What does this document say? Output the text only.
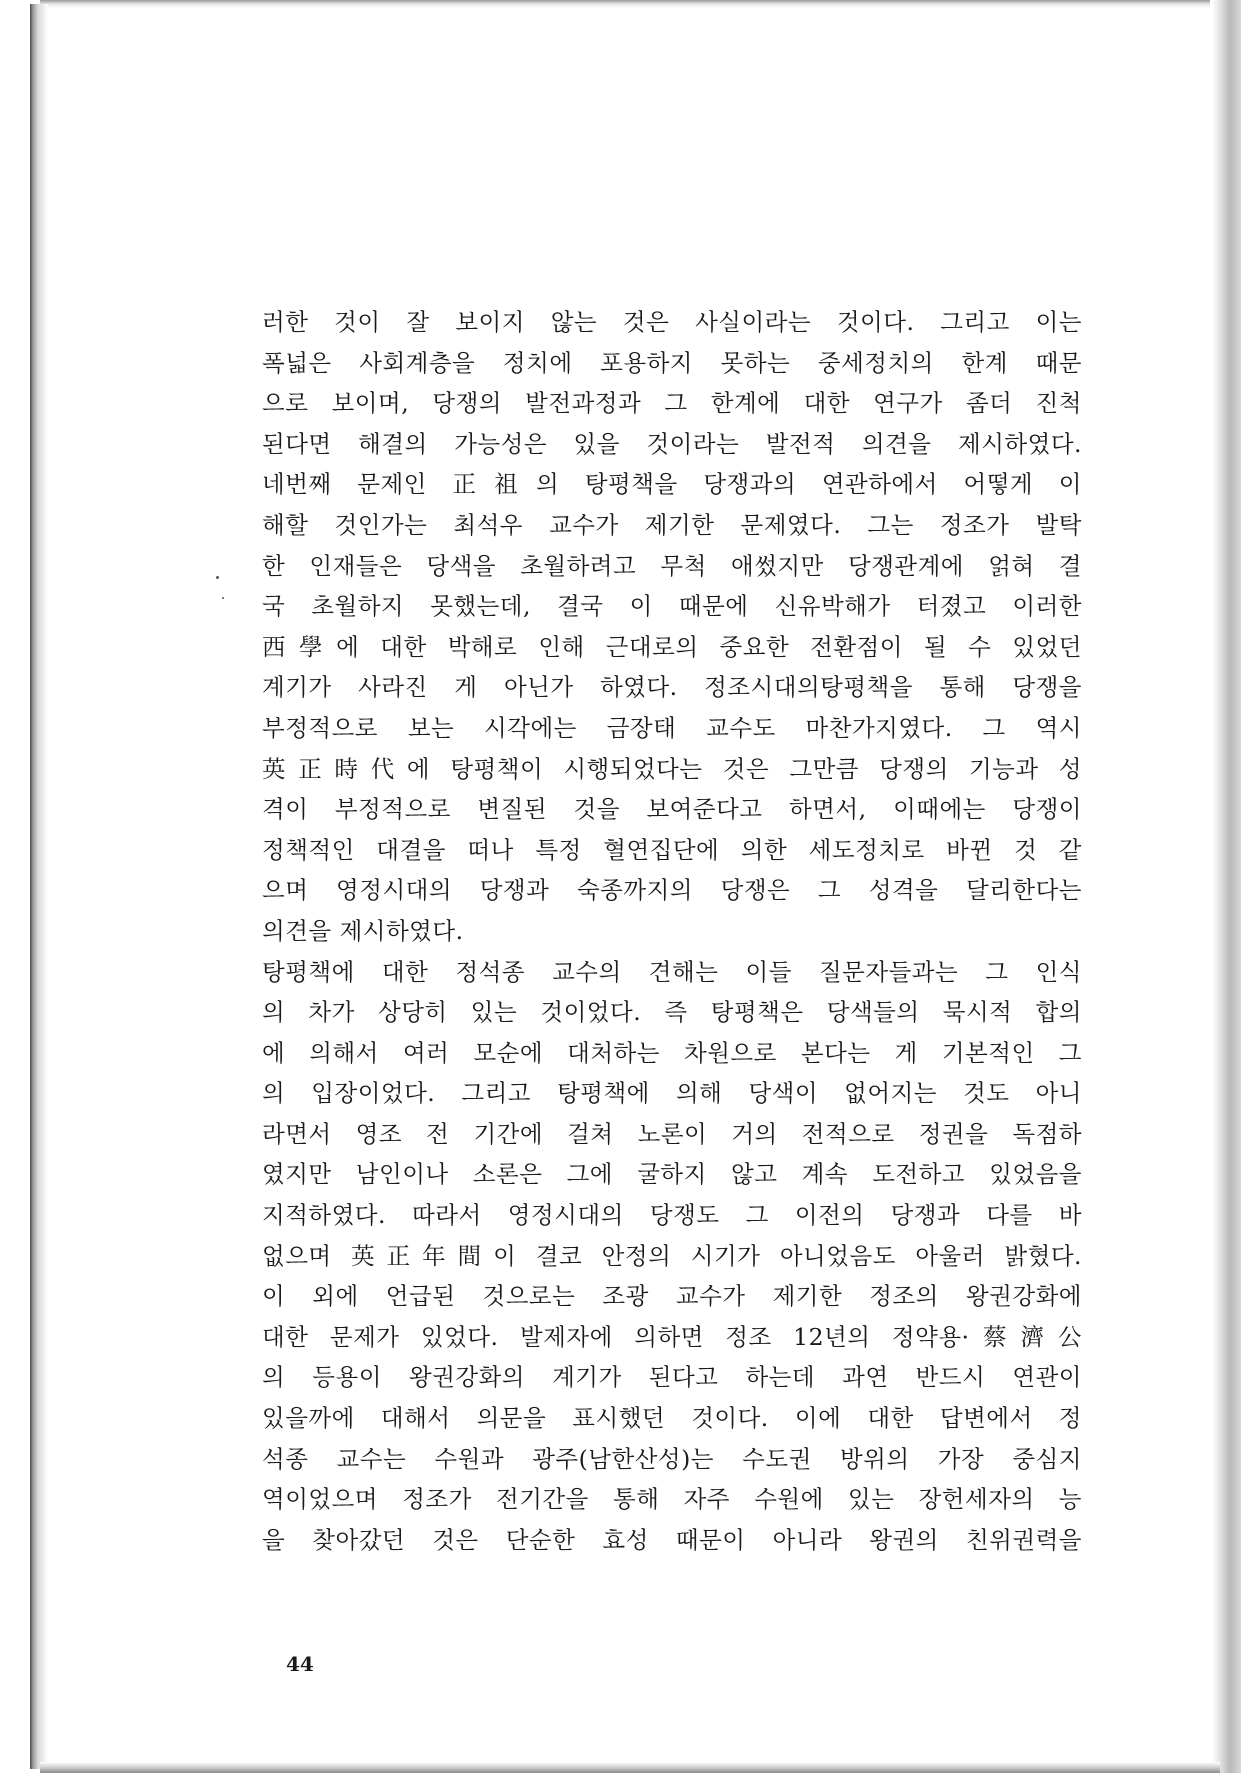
러한 것이 잘 보이지 않는 것은 사실이라는 것이다. 그리고 이는
폭넓은 사회계층을 정치에 포용하지 못하는 중세정치의 한계 때문
으로 보이며, 당쟁의 발전과정과 그 한계에 대한 연구가 좀더 진척
된다면 해결의 가능성은 있을 것이라는 발전적 의견을 제시하였다.
네번째 문제인 正祖의 탕평책을 당쟁과의 연관하에서 어떻게 이
해할 것인가는 최석우 교수가 제기한 문제였다. 그는 정조가 발탁
한 인재들은 당색을 초월하려고 무척 애썼지만 당쟁관계에 얽혀 결
국 초월하지 못했는데, 결국 이 때문에 신유박해가 터졌고 이러한
西學에 대한 박해로 인해 근대로의 중요한 전환점이 될 수 있었던
계기가 사라진 게 아닌가 하였다. 정조시대의탕평책을 통해 당쟁을
부정적으로 보는 시각에는 금장태 교수도 마찬가지였다. 그 역시
英正時代에 탕평책이 시행되었다는 것은 그만큼 당쟁의 기능과 성
격이 부정적으로 변질된 것을 보여준다고 하면서, 이때에는 당쟁이
정책적인 대결을 떠나 특정 혈연집단에 의한 세도정치로 바뀐 것 같
으며 영정시대의 당쟁과 숙종까지의 당쟁은 그 성격을 달리한다는
의견을 제시하였다.
탕평책에 대한 정석종 교수의 견해는 이들 질문자들과는 그 인식
의 차가 상당히 있는 것이었다. 즉 탕평책은 당색들의 묵시적 합의
에 의해서 여러 모순에 대처하는 차원으로 본다는 게 기본적인 그
의 입장이었다. 그리고 탕평책에 의해 당색이 없어지는 것도 아니
라면서 영조 전 기간에 걸쳐 노론이 거의 전적으로 정권을 독점하
였지만 남인이나 소론은 그에 굴하지 않고 계속 도전하고 있었음을
지적하였다. 따라서 영정시대의 당쟁도 그 이전의 당쟁과 다를 바
없으며 英正年間이 결코 안정의 시기가 아니었음도 아울러 밝혔다.
이 외에 언급된 것으로는 조광 교수가 제기한 정조의 왕권강화에
대한 문제가 있었다. 발제자에 의하면 정조 12년의 정약용·蔡濟公
의 등용이 왕권강화의 계기가 된다고 하는데 과연 반드시 연관이
있을까에 대해서 의문을 표시했던 것이다. 이에 대한 답변에서 정
석종 교수는 수원과 광주(남한산성)는 수도권 방위의 가장 중심지
역이었으며 정조가 전기간을 통해 자주 수원에 있는 장헌세자의 능
을 찾아갔던 것은 단순한 효성 때문이 아니라 왕권의 친위권력을
44
